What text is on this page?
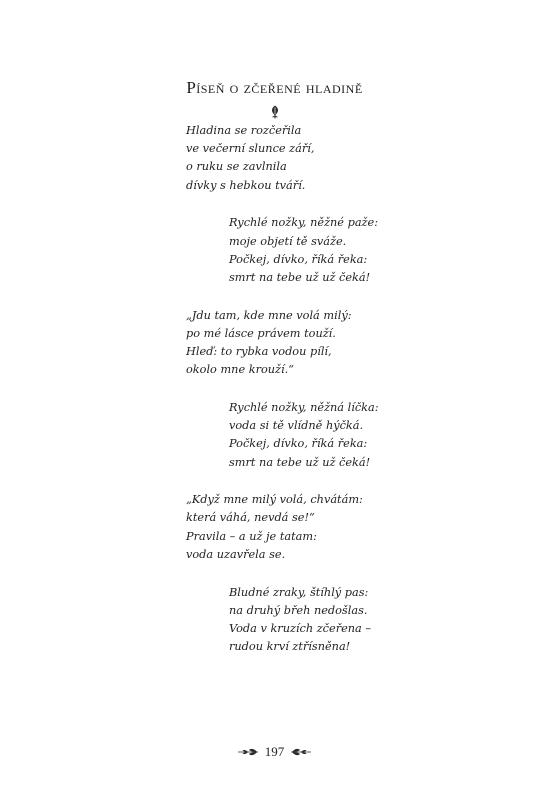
Píseň o zčeřené hladině
Hladina se rozčeřila
ve večerní slunce září,
o ruku se zavlnila
dívky s hebkou tváří.
Rychlé nožky, něžné paže:
moje objetí tě sváže.
Počkej, dívko, říká řeka:
smrt na tebe už už čeká!
„Jdu tam, kde mne volá milý:
po mé lásce právem touží.
Hleď: to rybka vodou pílí,
okolo mne krouží.“
Rychlé nožky, něžná líčka:
voda si tě vlídně hýčká.
Počkej, dívko, říká řeka:
smrt na tebe už už čeká!
„Když mne milý volá, chvátám:
která váhá, nevdá se!“
Pravila – a už je tatam:
voda uzavřela se.
Bludné zraky, štíhlý pas:
na druhý břeh nedošlas.
Voda v kruzích zčeřena –
rudou krví ztřísněna!
197
